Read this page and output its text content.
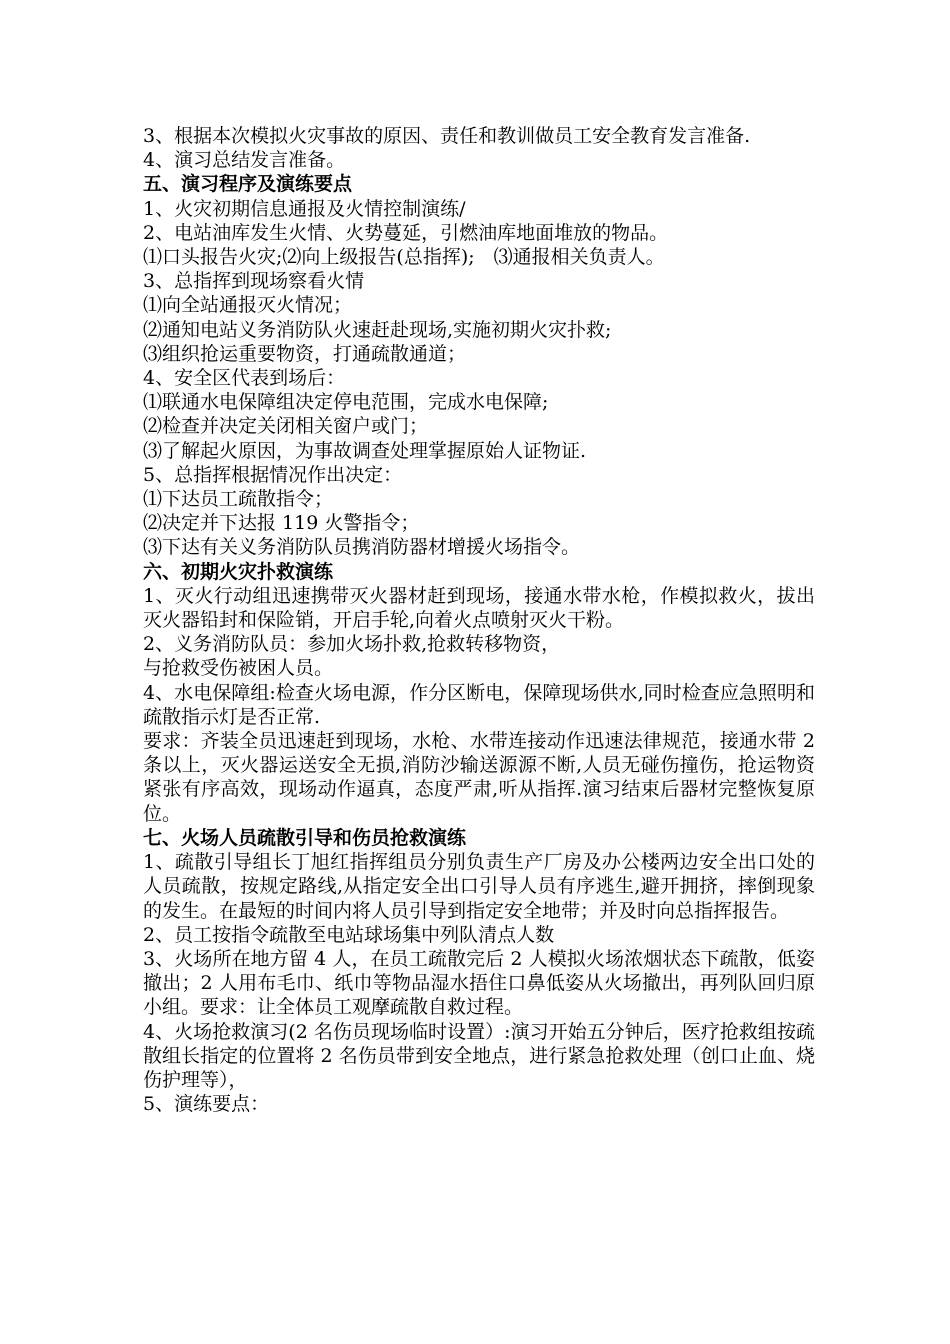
3、根据本次模拟火灾事故的原因、责任和教训做员工安全教育发言准备.

4、演习总结发言准备。

五、演习程序及演练要点

1、火灾初期信息通报及火情控制演练/

2、电站油库发生火情、火势蔓延，引燃油库地面堆放的物品。

⑴口头报告火灾;⑵向上级报告(总指挥);　⑶通报相关负责人。

3、总指挥到现场察看火情

⑴向全站通报灭火情况；

⑵通知电站义务消防队火速赶赴现场,实施初期火灾扑救;

⑶组织抢运重要物资，打通疏散通道；

4、安全区代表到场后：

⑴联通水电保障组决定停电范围，完成水电保障;

⑵检查并决定关闭相关窗户或门；

⑶了解起火原因，为事故调查处理掌握原始人证物证.

5、总指挥根据情况作出决定：

⑴下达员工疏散指令；

⑵决定并下达报 119 火警指令；

⑶下达有关义务消防队员携消防器材增援火场指令。

六、初期火灾扑救演练

1、灭火行动组迅速携带灭火器材赶到现场，接通水带水枪，作模拟救火，拔出灭火器铅封和保险销，开启手轮,向着火点喷射灭火干粉。

2、义务消防队员：参加火场扑救,抢救转移物资，

与抢救受伤被困人员。

4、水电保障组:检查火场电源，作分区断电，保障现场供水,同时检查应急照明和疏散指示灯是否正常.

要求：齐装全员迅速赶到现场，水枪、水带连接动作迅速法律规范，接通水带 2 条以上，灭火器运送安全无损,消防沙输送源源不断,人员无碰伤撞伤，抢运物资紧张有序高效，现场动作逼真，态度严肃,听从指挥.演习结束后器材完整恢复原位。

七、火场人员疏散引导和伤员抢救演练

1、疏散引导组长丁旭红指挥组员分别负责生产厂房及办公楼两边安全出口处的人员疏散，按规定路线,从指定安全出口引导人员有序逃生,避开拥挤，摔倒现象的发生。在最短的时间内将人员引导到指定安全地带；并及时向总指挥报告。

2、员工按指令疏散至电站球场集中列队清点人数

3、火场所在地方留 4 人，在员工疏散完后 2 人模拟火场浓烟状态下疏散，低姿撤出；2 人用布毛巾、纸巾等物品湿水捂住口鼻低姿从火场撤出，再列队回归原小组。要求：让全体员工观摩疏散自救过程。

4、火场抢救演习(2 名伤员现场临时设置）:演习开始五分钟后，医疗抢救组按疏散组长指定的位置将 2 名伤员带到安全地点，进行紧急抢救处理（创口止血、烧伤护理等），

5、演练要点：
